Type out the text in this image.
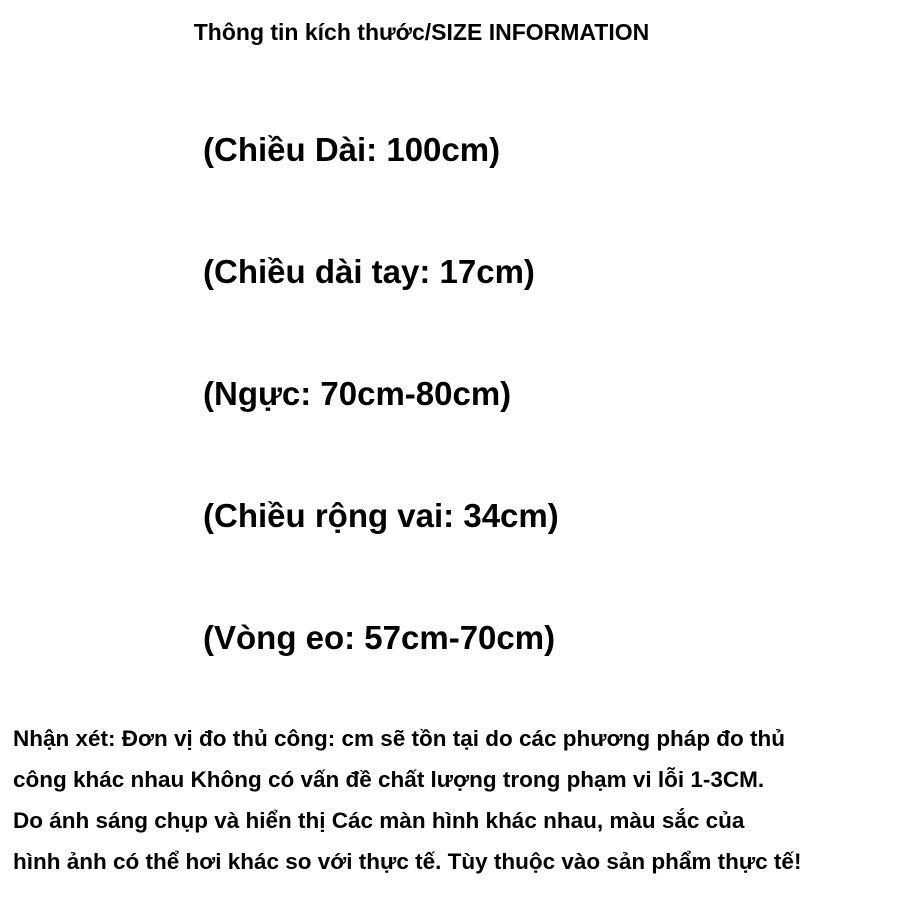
Thông tin kích thước/SIZE INFORMATION
(Chiều Dài: 100cm)
(Chiều dài tay: 17cm)
(Ngực: 70cm-80cm)
(Chiều rộng vai: 34cm)
(Vòng eo: 57cm-70cm)
Nhận xét: Đơn vị đo thủ công: cm sẽ tồn tại do các phương pháp đo thủ
công khác nhau Không có vấn đề chất lượng trong phạm vi lỗi 1-3CM.
Do ánh sáng chụp và hiển thị Các màn hình khác nhau, màu sắc của
hình ảnh có thể hơi khác so với thực tế. Tùy thuộc vào sản phẩm thực tế!
